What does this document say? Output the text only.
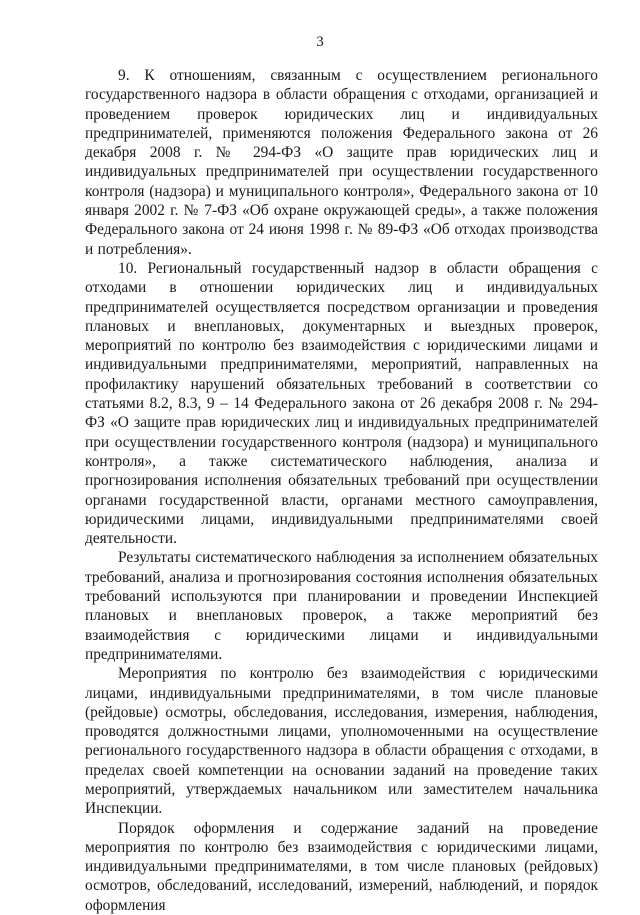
3

9. К отношениям, связанным с осуществлением регионального государственного надзора в области обращения с отходами, организацией и проведением проверок юридических лиц и индивидуальных предпринимателей, применяются положения Федерального закона от 26 декабря 2008 г. № 294-ФЗ «О защите прав юридических лиц и индивидуальных предпринимателей при осуществлении государственного контроля (надзора) и муниципального контроля», Федерального закона от 10 января 2002 г. № 7-ФЗ «Об охране окружающей среды», а также положения Федерального закона от 24 июня 1998 г. № 89-ФЗ «Об отходах производства и потребления».

10. Региональный государственный надзор в области обращения с отходами в отношении юридических лиц и индивидуальных предпринимателей осуществляется посредством организации и проведения плановых и внеплановых, документарных и выездных проверок, мероприятий по контролю без взаимодействия с юридическими лицами и индивидуальными предпринимателями, мероприятий, направленных на профилактику нарушений обязательных требований в соответствии со статьями 8.2, 8.3, 9 – 14 Федерального закона от 26 декабря 2008 г. № 294-ФЗ «О защите прав юридических лиц и индивидуальных предпринимателей при осуществлении государственного контроля (надзора) и муниципального контроля», а также систематического наблюдения, анализа и прогнозирования исполнения обязательных требований при осуществлении органами государственной власти, органами местного самоуправления, юридическими лицами, индивидуальными предпринимателями своей деятельности.

Результаты систематического наблюдения за исполнением обязательных требований, анализа и прогнозирования состояния исполнения обязательных требований используются при планировании и проведении Инспекцией плановых и внеплановых проверок, а также мероприятий без взаимодействия с юридическими лицами и индивидуальными предпринимателями.

Мероприятия по контролю без взаимодействия с юридическими лицами, индивидуальными предпринимателями, в том числе плановые (рейдовые) осмотры, обследования, исследования, измерения, наблюдения, проводятся должностными лицами, уполномоченными на осуществление регионального государственного надзора в области обращения с отходами, в пределах своей компетенции на основании заданий на проведение таких мероприятий, утверждаемых начальником или заместителем начальника Инспекции.

Порядок оформления и содержание заданий на проведение мероприятия по контролю без взаимодействия с юридическими лицами, индивидуальными предпринимателями, в том числе плановых (рейдовых) осмотров, обследований, исследований, измерений, наблюдений, и порядок оформления
